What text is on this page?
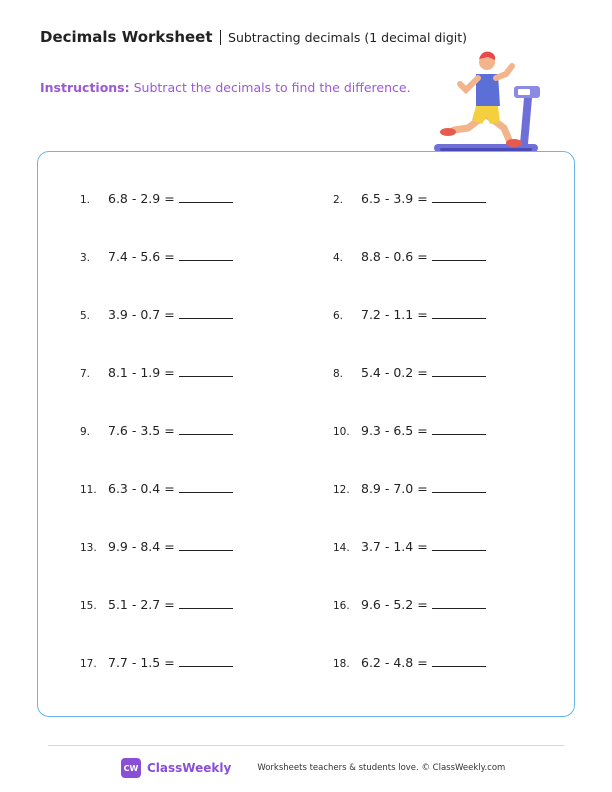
Decimals Worksheet Subtracting decimals (1 decimal digit)
Instructions: Subtract the decimals to find the difference.
1.	6.8 - 2.9 =	2.	6.5 - 3.9 =
3.	7.4 - 5.6 =	4.	8.8 - 0.6 =
5.	3.9 - 0.7 =	6.	7.2 - 1.1 =
7.	8.1 - 1.9 =	8.	5.4 - 0.2 =
9.	7.6 - 3.5 =	10. 9.3 - 6.5 =
11. 6.3 - 0.4 =	12. 8.9 - 7.0 =
13. 9.9 - 8.4 =	14. 3.7 - 1.4 =
15. 5.1 - 2.7 =	16. 9.6 - 5.2 =
17. 7.7 - 1.5 =	18. 6.2 - 4.8 =
CW ClassWeekly	Worksheets teachers & students love. © ClassWeekly.com
